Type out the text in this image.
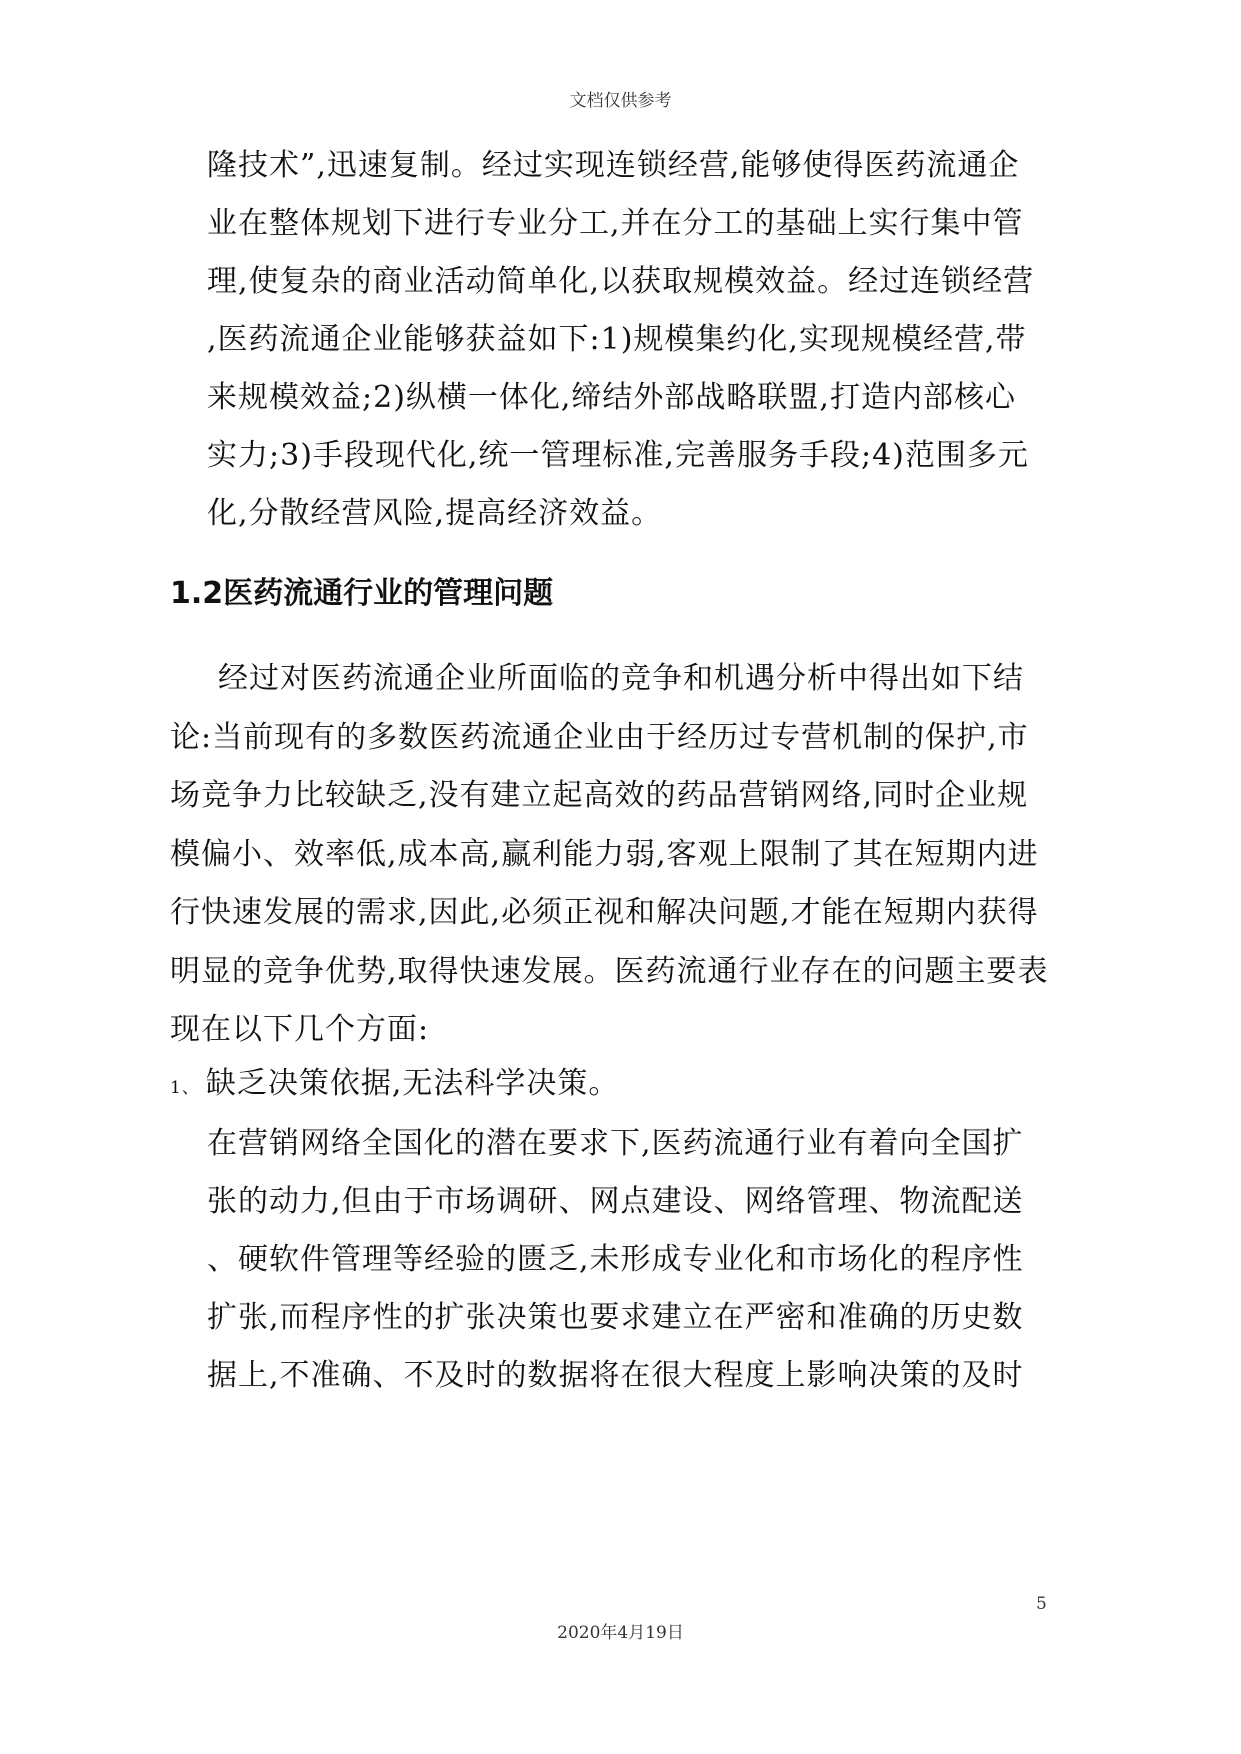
文档仅供参考
隆技术”,迅速复制。经过实现连锁经营,能够使得医药流通企
业在整体规划下进行专业分工,并在分工的基础上实行集中管
理,使复杂的商业活动简单化,以获取规模效益。经过连锁经营
,医药流通企业能够获益如下:1)规模集约化,实现规模经营,带
来规模效益;2)纵横一体化,缔结外部战略联盟,打造内部核心
实力;3)手段现代化,统一管理标准,完善服务手段;4)范围多元
化,分散经营风险,提高经济效益。
1.2医药流通行业的管理问题
经过对医药流通企业所面临的竞争和机遇分析中得出如下结
论:当前现有的多数医药流通企业由于经历过专营机制的保护,市
场竞争力比较缺乏,没有建立起高效的药品营销网络,同时企业规
模偏小、效率低,成本高,赢利能力弱,客观上限制了其在短期内进
行快速发展的需求,因此,必须正视和解决问题,才能在短期内获得
明显的竞争优势,取得快速发展。医药流通行业存在的问题主要表
现在以下几个方面:
1、 缺乏决策依据,无法科学决策。
在营销网络全国化的潜在要求下,医药流通行业有着向全国扩
张的动力,但由于市场调研、网点建设、网络管理、物流配送
、硬软件管理等经验的匮乏,未形成专业化和市场化的程序性
扩张,而程序性的扩张决策也要求建立在严密和准确的历史数
据上,不准确、不及时的数据将在很大程度上影响决策的及时
5
2020年4月19日
